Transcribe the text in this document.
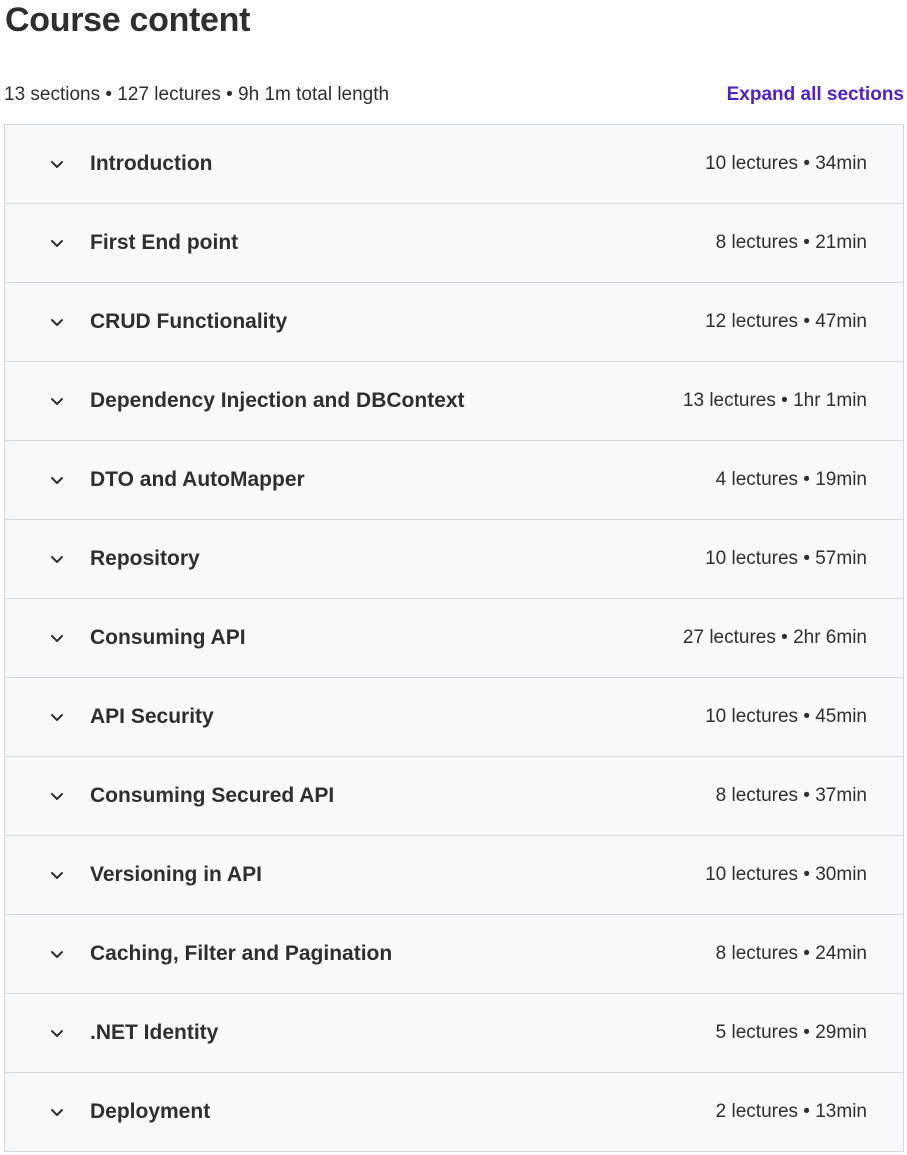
Course content
13 sections • 127 lectures • 9h 1m total length	Expand all sections
Introduction	10 lectures • 34min
First End point	8 lectures • 21min
CRUD Functionality	12 lectures • 47min
Dependency Injection and DBContext	13 lectures • 1hr 1min
DTO and AutoMapper	4 lectures • 19min
Repository	10 lectures • 57min
Consuming API	27 lectures • 2hr 6min
API Security	10 lectures • 45min
Consuming Secured API	8 lectures • 37min
Versioning in API	10 lectures • 30min
Caching, Filter and Pagination	8 lectures • 24min
.NET Identity	5 lectures • 29min
Deployment	2 lectures • 13min
